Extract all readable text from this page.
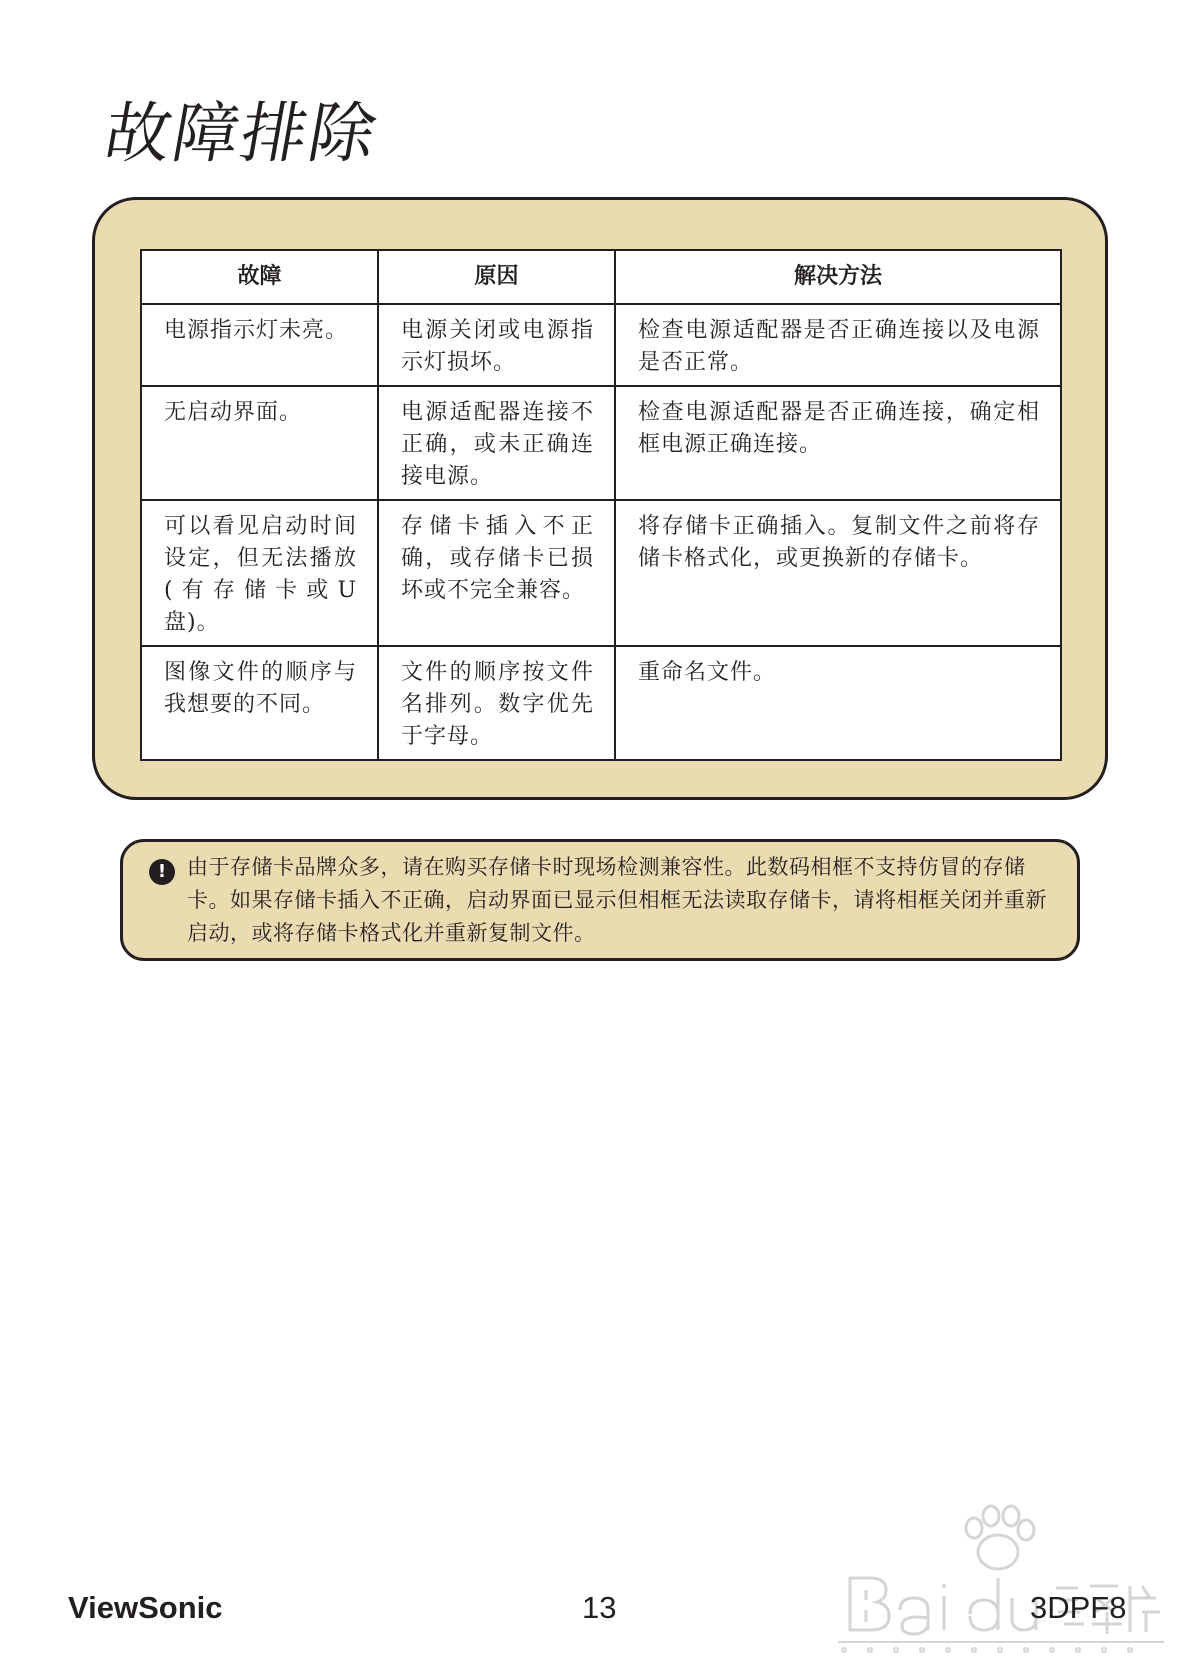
故障排除
故障	原因	解决方法
电源指示灯未亮。	电源关闭或电源指示灯损坏。	检查电源适配器是否正确连接以及电源是否正常。
无启动界面。	电源适配器连接不正确，或未正确连接电源。	检查电源适配器是否正确连接，确定相框电源正确连接。
可以看见启动时间设定，但无法播放(有存储卡或U盘)。	存储卡插入不正确，或存储卡已损坏或不完全兼容。	将存储卡正确插入。复制文件之前将存储卡格式化，或更换新的存储卡。
图像文件的顺序与我想要的不同。	文件的顺序按文件名排列。数字优先于字母。	重命名文件。
! 由于存储卡品牌众多，请在购买存储卡时现场检测兼容性。此数码相框不支持仿冒的存储卡。如果存储卡插入不正确，启动界面已显示但相框无法读取存储卡，请将相框关闭并重新启动，或将存储卡格式化并重新复制文件。

ViewSonic	13	3DPF8
